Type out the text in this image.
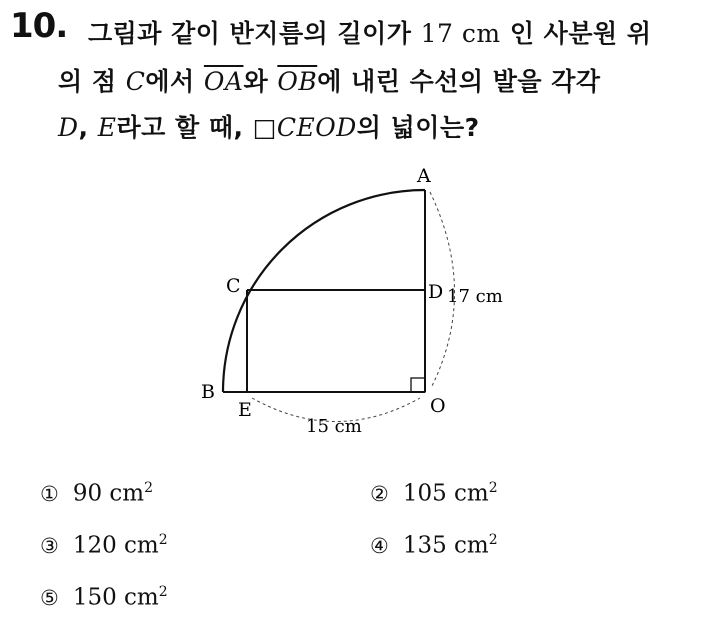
10. 그림과 같이 반지름의 길이가 17 cm 인 사분원 위
의 점 C에서 $\overline{OA}$와 $\overline{OB}$에 내린 수선의 발을 각각
D, E라고 할 때, □CEOD의 넓이는?
A
C	D
B
E	O
17 cm
15 cm
① 90 $cm^2$	② 105 $cm^2$
③ 120 $cm^2$	④ 135 $cm^2$
⑤ 150 $cm^2$
